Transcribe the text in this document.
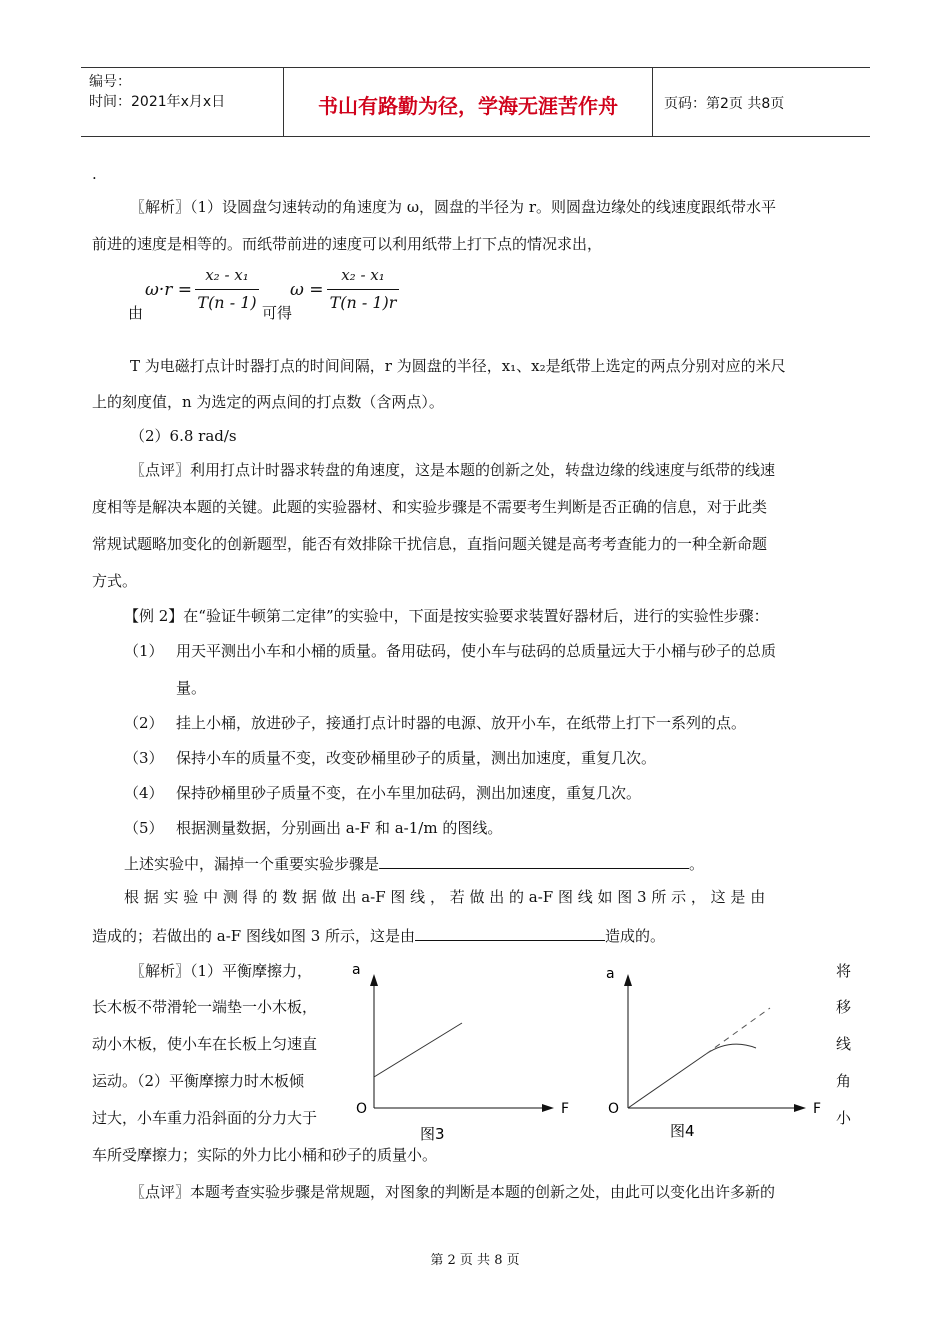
编号：
时间：2021年x月x日	书山有路勤为径，学海无涯苦作舟	页码：第2页 共8页
.
〖解析〗（1）设圆盘匀速转动的角速度为 ω，圆盘的半径为 r。则圆盘边缘处的线速度跟纸带水平
前进的速度是相等的。而纸带前进的速度可以利用纸带上打下点的情况求出，
由
ω·r =
x₂ - x₁
T(n - 1)
可得
ω =
x₂ - x₁
T(n - 1)r
T 为电磁打点计时器打点的时间间隔，r 为圆盘的半径，x₁、x₂是纸带上选定的两点分别对应的米尺
上的刻度值，n 为选定的两点间的打点数（含两点）。
（2）6.8 rad/s
〖点评〗利用打点计时器求转盘的角速度，这是本题的创新之处，转盘边缘的线速度与纸带的线速
度相等是解决本题的关键。此题的实验器材、和实验步骤是不需要考生判断是否正确的信息，对于此类
常规试题略加变化的创新题型，能否有效排除干扰信息，直指问题关键是高考考查能力的一种全新命题
方式。
【例 2】在“验证牛顿第二定律”的实验中，下面是按实验要求装置好器材后，进行的实验性步骤：
（1） 用天平测出小车和小桶的质量。备用砝码，使小车与砝码的总质量远大于小桶与砂子的总质
量。
（2） 挂上小桶，放进砂子，接通打点计时器的电源、放开小车，在纸带上打下一系列的点。
（3） 保持小车的质量不变，改变砂桶里砂子的质量，测出加速度，重复几次。
（4） 保持砂桶里砂子质量不变，在小车里加砝码，测出加速度，重复几次。
（5） 根据测量数据，分别画出 a-F 和 a-1/m 的图线。
上述实验中，漏掉一个重要实验步骤是	。
根 据 实 验 中 测 得 的 数 据 做 出 a-F 图 线 ， 若 做 出 的 a-F 图 线 如 图 3 所 示 ， 这 是 由
造成的；若做出的 a-F 图线如图 3 所示，这是由	造成的。
〖解析〗（1）平衡摩擦力，
长木板不带滑轮一端垫一小木板，
动小木板，使小车在长板上匀速直
运动。（2）平衡摩擦力时木板倾
过大，小车重力沿斜面的分力大于
车所受摩擦力；实际的外力比小桶和砂子的质量小。
将
移
线
角
小
a
O	F
图3
a
O	F
图4
〖点评〗本题考查实验步骤是常规题，对图象的判断是本题的创新之处，由此可以变化出许多新的
第 2 页 共 8 页
